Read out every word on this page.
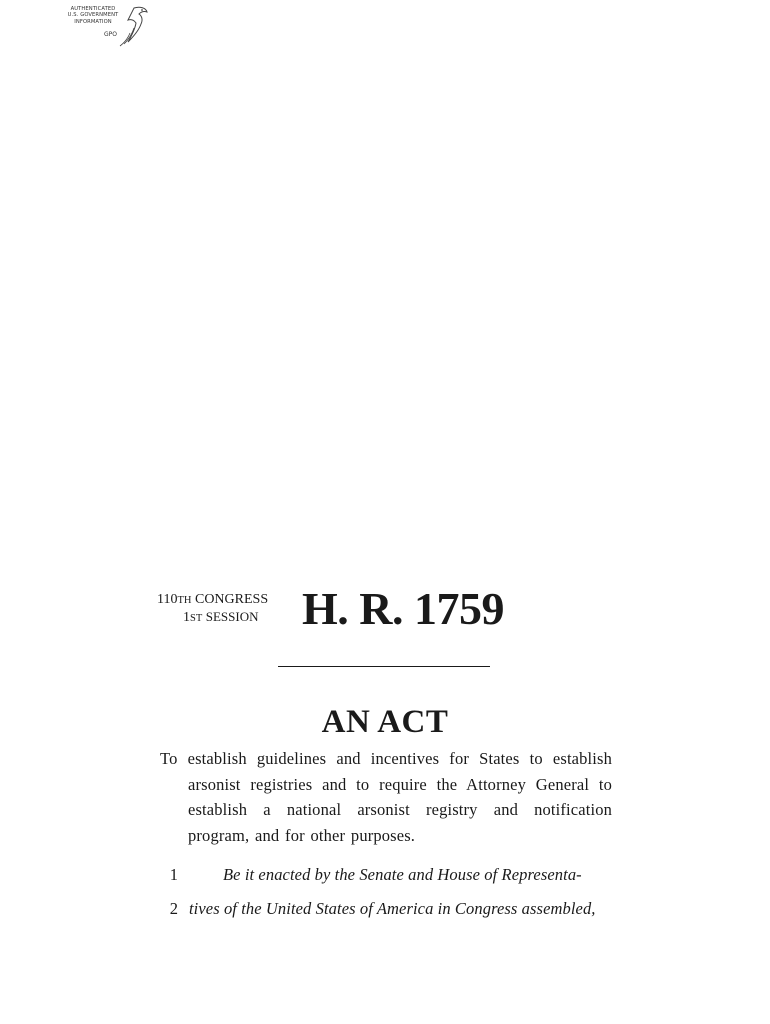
AUTHENTICATED
U.S. GOVERNMENT
INFORMATION
GPO
110TH CONGRESS
1ST SESSION H. R. 1759
AN ACT
To establish guidelines and incentives for States to establish arsonist registries and to require the Attorney General to establish a national arsonist registry and notification program, and for other purposes.
1	Be it enacted by the Senate and House of Representa-
2 tives of the United States of America in Congress assembled,
